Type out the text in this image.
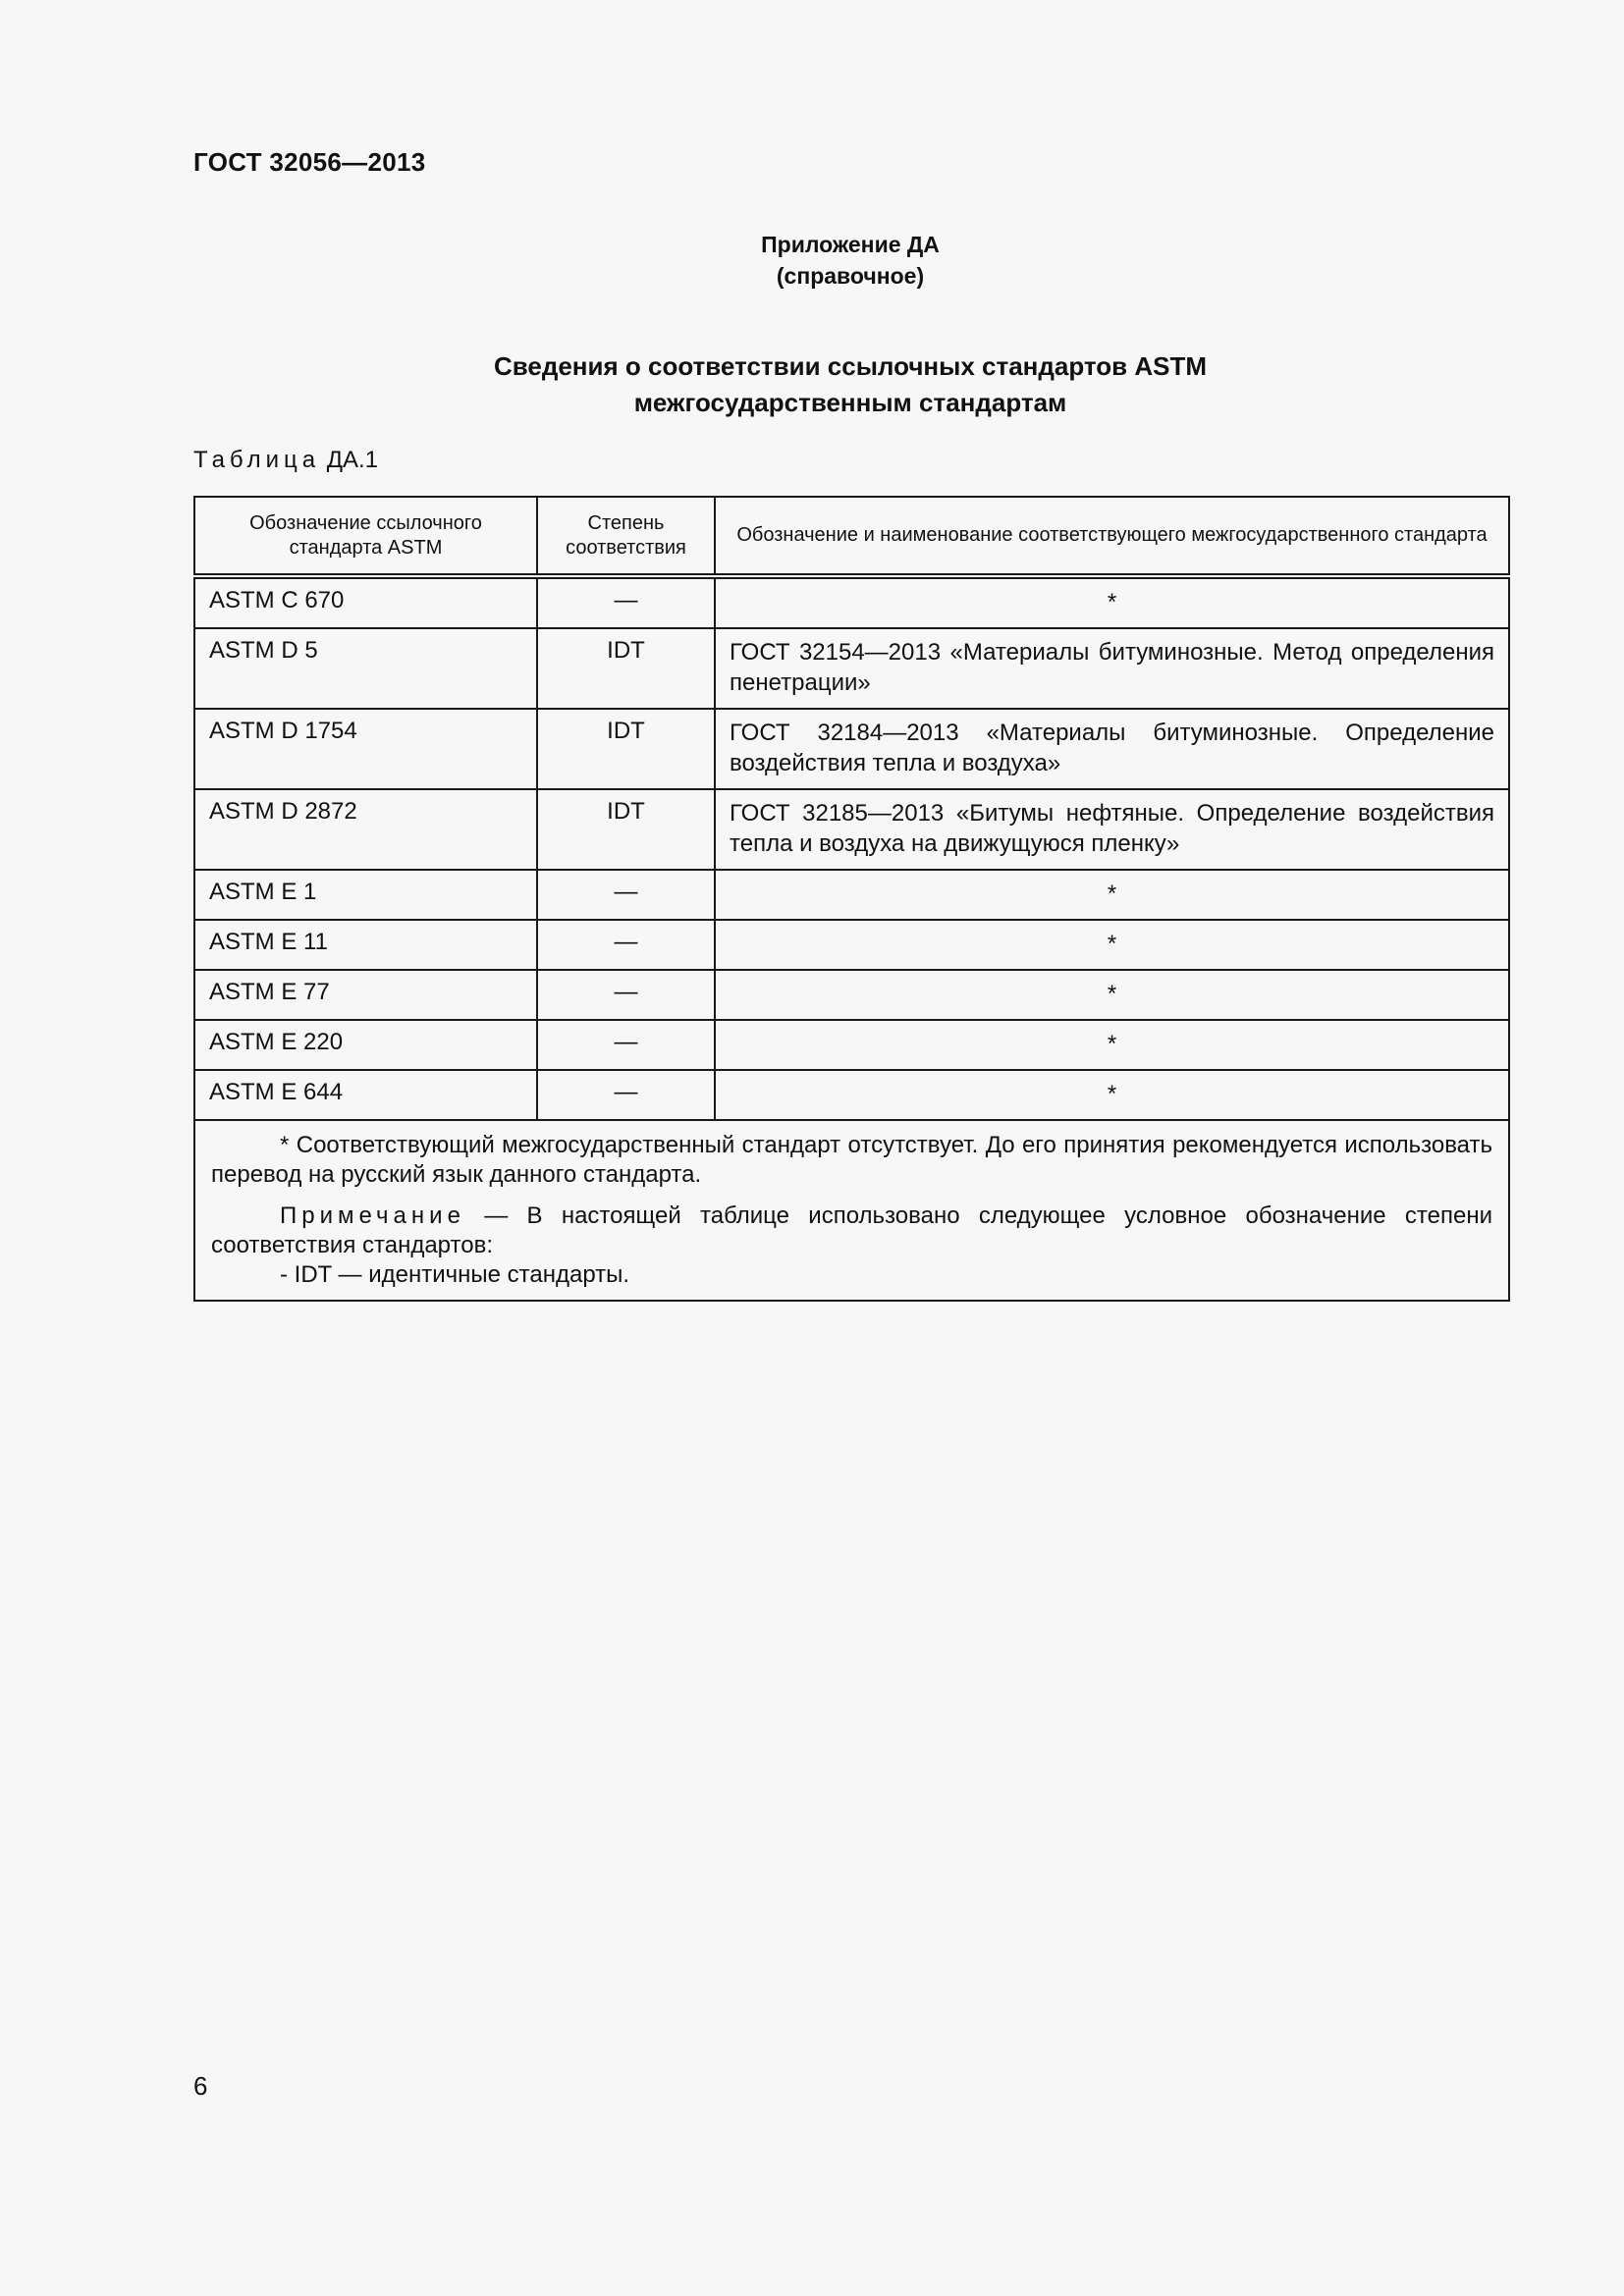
ГОСТ 32056—2013
Приложение ДА
(справочное)
Сведения о соответствии ссылочных стандартов ASTM
межгосударственным стандартам
Таблица ДА.1
Обозначение ссылочного стандарта ASTM	Степень соответствия	Обозначение и наименование соответствующего межгосударственного стандарта
ASTM C 670	—	*
ASTM D 5	IDT	ГОСТ 32154—2013 «Материалы битуминозные. Метод определения пенетрации»
ASTM D 1754	IDT	ГОСТ 32184—2013 «Материалы битуминозные. Определение воздействия тепла и воздуха»
ASTM D 2872	IDT	ГОСТ 32185—2013 «Битумы нефтяные. Определение воздействия тепла и воздуха на движущуюся пленку»
ASTM E 1	—	*
ASTM E 11	—	*
ASTM E 77	—	*
ASTM E 220	—	*
ASTM E 644	—	*

* Соответствующий межгосударственный стандарт отсутствует. До его принятия рекомендуется использовать перевод на русский язык данного стандарта.

Примечание — В настоящей таблице использовано следующее условное обозначение степени соответствия стандартов:

- IDT — идентичные стандарты.		

6
